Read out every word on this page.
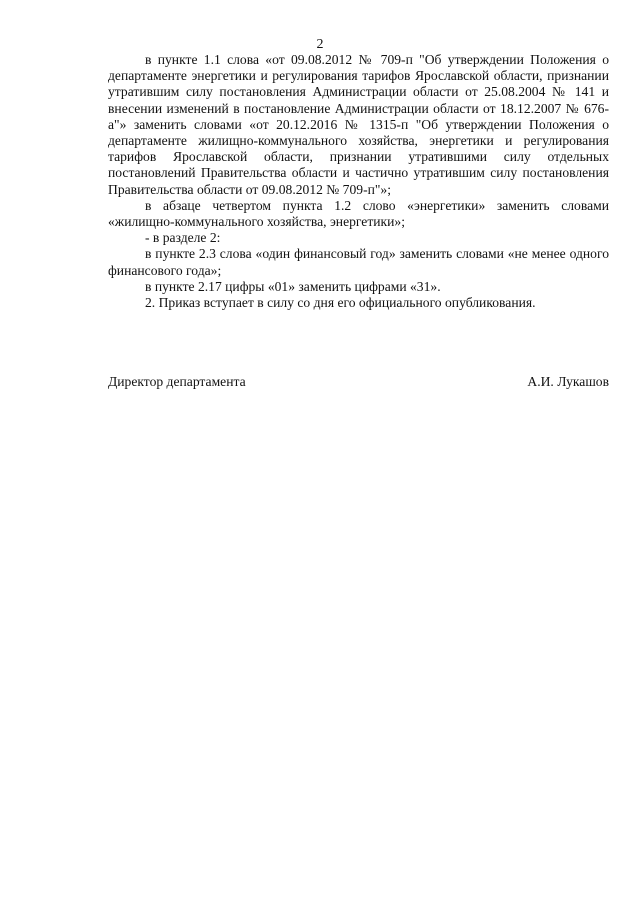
2

в пункте 1.1 слова «от 09.08.2012 № 709-п "Об утверждении Положения о департаменте энергетики и регулирования тарифов Ярославской области, признании утратившим силу постановления Администрации области от 25.08.2004 № 141 и внесении изменений в постановление Администрации области от 18.12.2007 № 676-а"» заменить словами «от 20.12.2016 № 1315-п "Об утверждении Положения о департаменте жилищно-коммунального хозяйства, энергетики и регулирования тарифов Ярославской области, признании утратившими силу отдельных постановлений Правительства области и частично утратившим силу постановления Правительства области от 09.08.2012 № 709-п"»;

в абзаце четвертом пункта 1.2 слово «энергетики» заменить словами «жилищно-коммунального хозяйства, энергетики»;

- в разделе 2:

в пункте 2.3 слова «один финансовый год» заменить словами «не менее одного финансового года»;

в пункте 2.17 цифры «01» заменить цифрами «31».

2. Приказ вступает в силу со дня его официального опубликования.

Директор департамента	А.И. Лукашов
